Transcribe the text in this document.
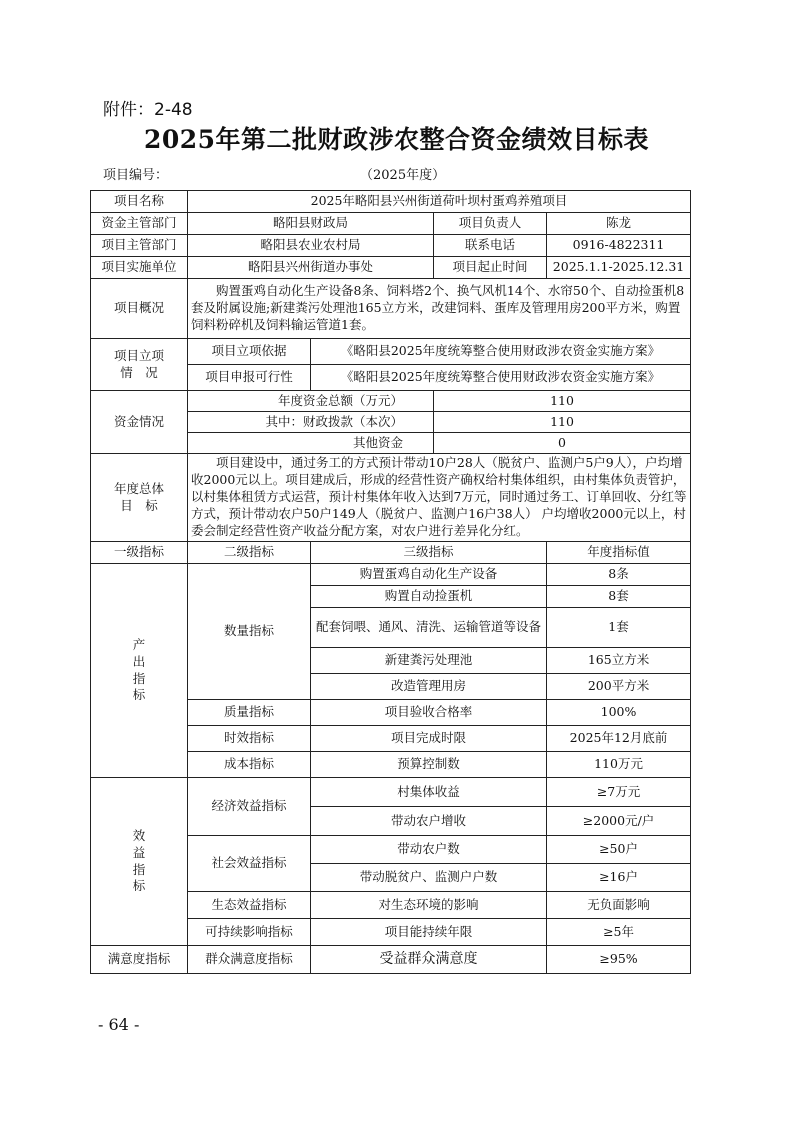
附件：2-48
2025年第二批财政涉农整合资金绩效目标表
项目编号：	（2025年度）
项目名称	2025年略阳县兴州街道荷叶坝村蛋鸡养殖项目			
资金主管部门	略阳县财政局		项目负责人	陈龙
项目主管部门	略阳县农业农村局		联系电话	0916-4822311
项目实施单位	略阳县兴州街道办事处		项目起止时间	2025.1.1-2025.12.31
项目概况	购置蛋鸡自动化生产设备8条、饲料塔2个、换气风机14个、水帘50个、自动捡蛋机8套及附属设施;新建粪污处理池165立方米，改建饲料、蛋库及管理用房200平方米，购置饲料粉碎机及饲料输运管道1套。			

项目立项
情　况	项目立项依据	《略阳县2025年度统筹整合使用财政涉农资金实施方案》		
	项目申报可行性	《略阳县2025年度统筹整合使用财政涉农资金实施方案》		
资金情况	年度资金总额（万元）		110	
	其中：财政拨款（本次）		110	
	其他资金		0	

年度总体
目　标	项目建设中，通过务工的方式预计带动10户28人（脱贫户、监测户5户9人），户均增收2000元以上。项目建成后，形成的经营性资产确权给村集体组织，由村集体负责管护，以村集体租赁方式运营，预计村集体年收入达到7万元，同时通过务工、订单回收、分红等方式，预计带动农户50户149人（脱贫户、监测户16户38人） 户均增收2000元以上，村委会制定经营性资产收益分配方案，对农户进行差异化分红。			
一级指标	二级指标	三级指标		年度指标值

产
出
指
标	数量指标	购置蛋鸡自动化生产设备		8条
		购置自动捡蛋机		8套
		配套饲喂、通风、清洗、运输管道等设备		1套
		新建粪污处理池		165立方米
		改造管理用房		200平方米
	质量指标	项目验收合格率		100%
	时效指标	项目完成时限		2025年12月底前
	成本指标	预算控制数		110万元

效
益
指
标	经济效益指标	村集体收益		≥7万元
		带动农户增收		≥2000元/户
	社会效益指标	带动农户数		≥50户
		带动脱贫户、监测户户数		≥16户
	生态效益指标	对生态环境的影响		无负面影响
	可持续影响指标	项目能持续年限		≥5年
满意度指标	群众满意度指标	受益群众满意度		≥95%
- 64 -
